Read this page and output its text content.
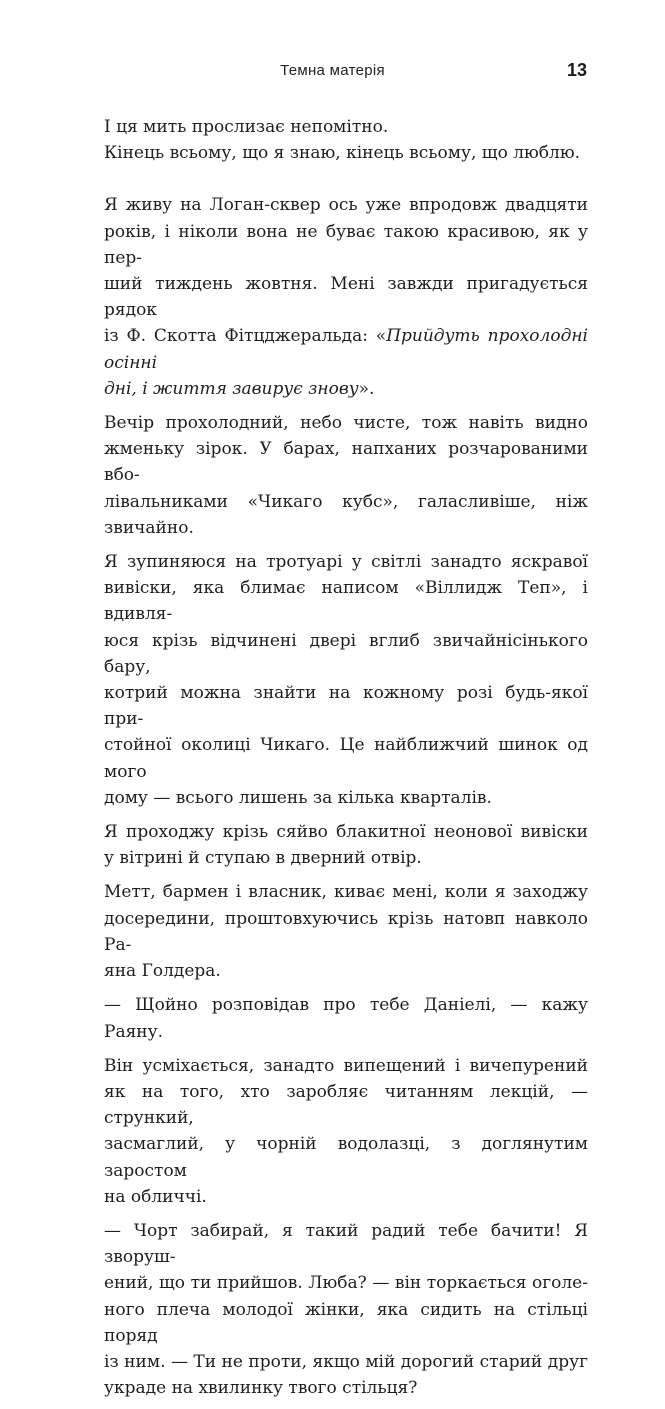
Темна матерія	13

І ця мить прослизає непомітно.

Кінець всьому, що я знаю, кінець всьому, що люблю.

Я живу на Логан-сквер ось уже впродовж двадцяти
років, і ніколи вона не буває такою красивою, як у пер-
ший тиждень жовтня. Мені завжди пригадується рядок
із Ф. Скотта Фітцджеральда: «Прийдуть прохолодні осінні
дні, і життя завирує знову».
Вечір прохолодний, небо чисте, тож навіть видно
жменьку зірок. У барах, напханих розчарованими вбо-
лівальниками «Чикаго кубс», галасливіше, ніж звичайно.
Я зупиняюся на тротуарі у світлі занадто яскравої
вивіски, яка блимає написом «Віллидж Теп», і вдивля-
юся крізь відчинені двері вглиб звичайнісінького бару,
котрий можна знайти на кожному розі будь-якої при-
стойної околиці Чикаго. Це найближчий шинок од мого
дому — всього лишень за кілька кварталів.
Я проходжу крізь сяйво блакитної неонової вивіски
у вітрині й ступаю в дверний отвір.
Метт, бармен і власник, киває мені, коли я заходжу
досередини, проштовхуючись крізь натовп навколо Ра-
яна Голдера.
— Щойно розповідав про тебе Даніелі, — кажу Раяну.
Він усміхається, занадто випещений і вичепурений
як на того, хто заробляє читанням лекцій, — стрункий,
засмаглий, у чорній водолазці, з доглянутим заростом
на обличчі.
— Чорт забирай, я такий радий тебе бачити! Я зворуш-
ений, що ти прийшов. Люба? — він торкається оголе-
ного плеча молодої жінки, яка сидить на стільці поряд
із ним. — Ти не проти, якщо мій дорогий старий друг
украде на хвилинку твого стільця?
